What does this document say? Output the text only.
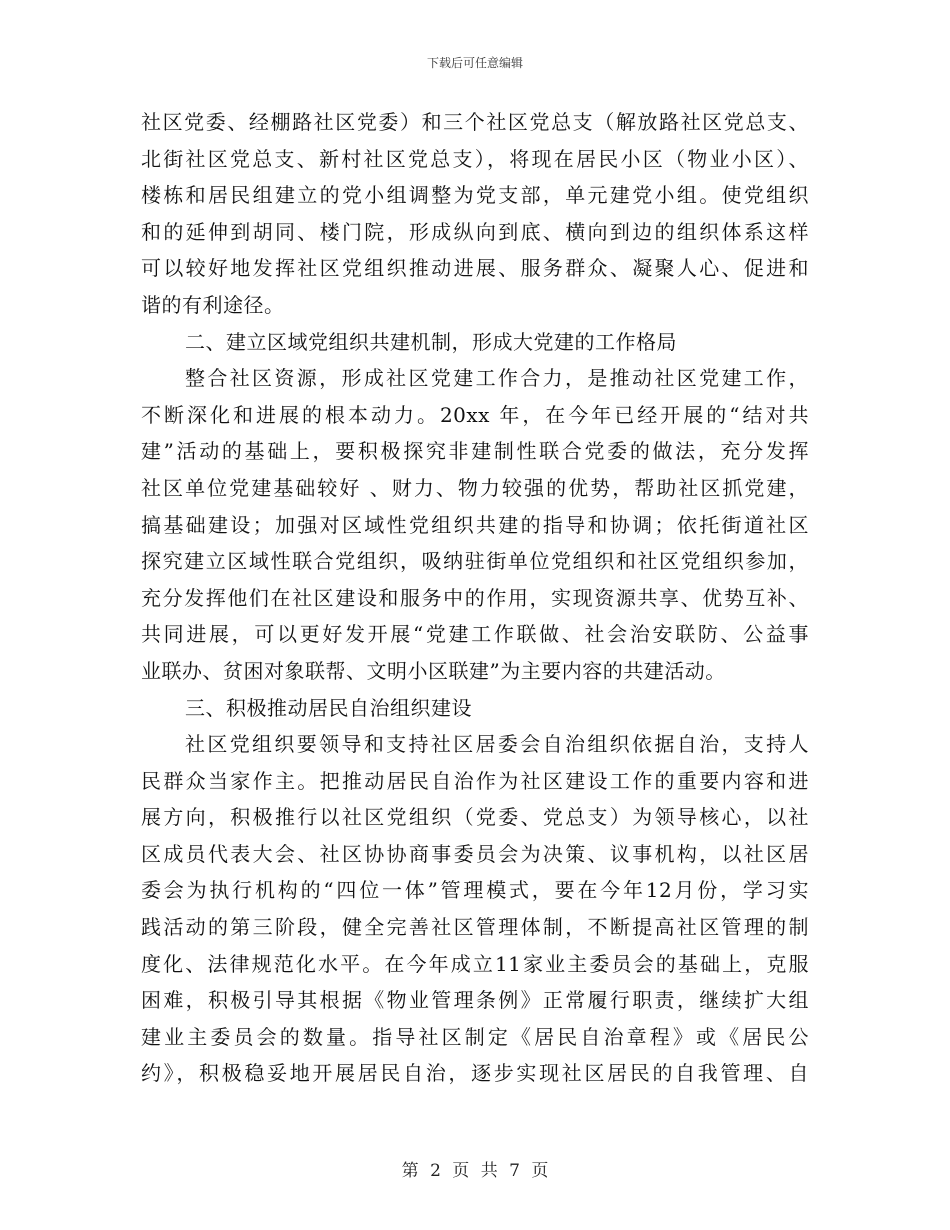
下载后可任意编辑
社区党委、经棚路社区党委）和三个社区党总支（解放路社区党总支、
北街社区党总支、新村社区党总支），将现在居民小区（物业小区）、
楼栋和居民组建立的党小组调整为党支部，单元建党小组。使党组织
和的延伸到胡同、楼门院，形成纵向到底、横向到边的组织体系这样
可以较好地发挥社区党组织推动进展、服务群众、凝聚人心、促进和
谐的有利途径。
二、建立区域党组织共建机制，形成大党建的工作格局
整合社区资源，形成社区党建工作合力，是推动社区党建工作，
不断深化和进展的根本动力。20xx 年，在今年已经开展的“结对共
建”活动的基础上，要积极探究非建制性联合党委的做法，充分发挥
社区单位党建基础较好 、财力、物力较强的优势，帮助社区抓党建，
搞基础建设；加强对区域性党组织共建的指导和协调；依托街道社区
探究建立区域性联合党组织，吸纳驻街单位党组织和社区党组织参加，
充分发挥他们在社区建设和服务中的作用，实现资源共享、优势互补、
共同进展，可以更好发开展“党建工作联做、社会治安联防、公益事
业联办、贫困对象联帮、文明小区联建”为主要内容的共建活动。
三、积极推动居民自治组织建设
社区党组织要领导和支持社区居委会自治组织依据自治，支持人
民群众当家作主。把推动居民自治作为社区建设工作的重要内容和进
展方向，积极推行以社区党组织（党委、党总支）为领导核心，以社
区成员代表大会、社区协协商事委员会为决策、议事机构，以社区居
委会为执行机构的“四位一体”管理模式，要在今年12月份，学习实
践活动的第三阶段，健全完善社区管理体制，不断提高社区管理的制
度化、法律规范化水平。在今年成立11家业主委员会的基础上，克服
困难，积极引导其根据《物业管理条例》正常履行职责，继续扩大组
建业主委员会的数量。指导社区制定《居民自治章程》或《居民公
约》，积极稳妥地开展居民自治，逐步实现社区居民的自我管理、自
第 2 页 共 7 页
